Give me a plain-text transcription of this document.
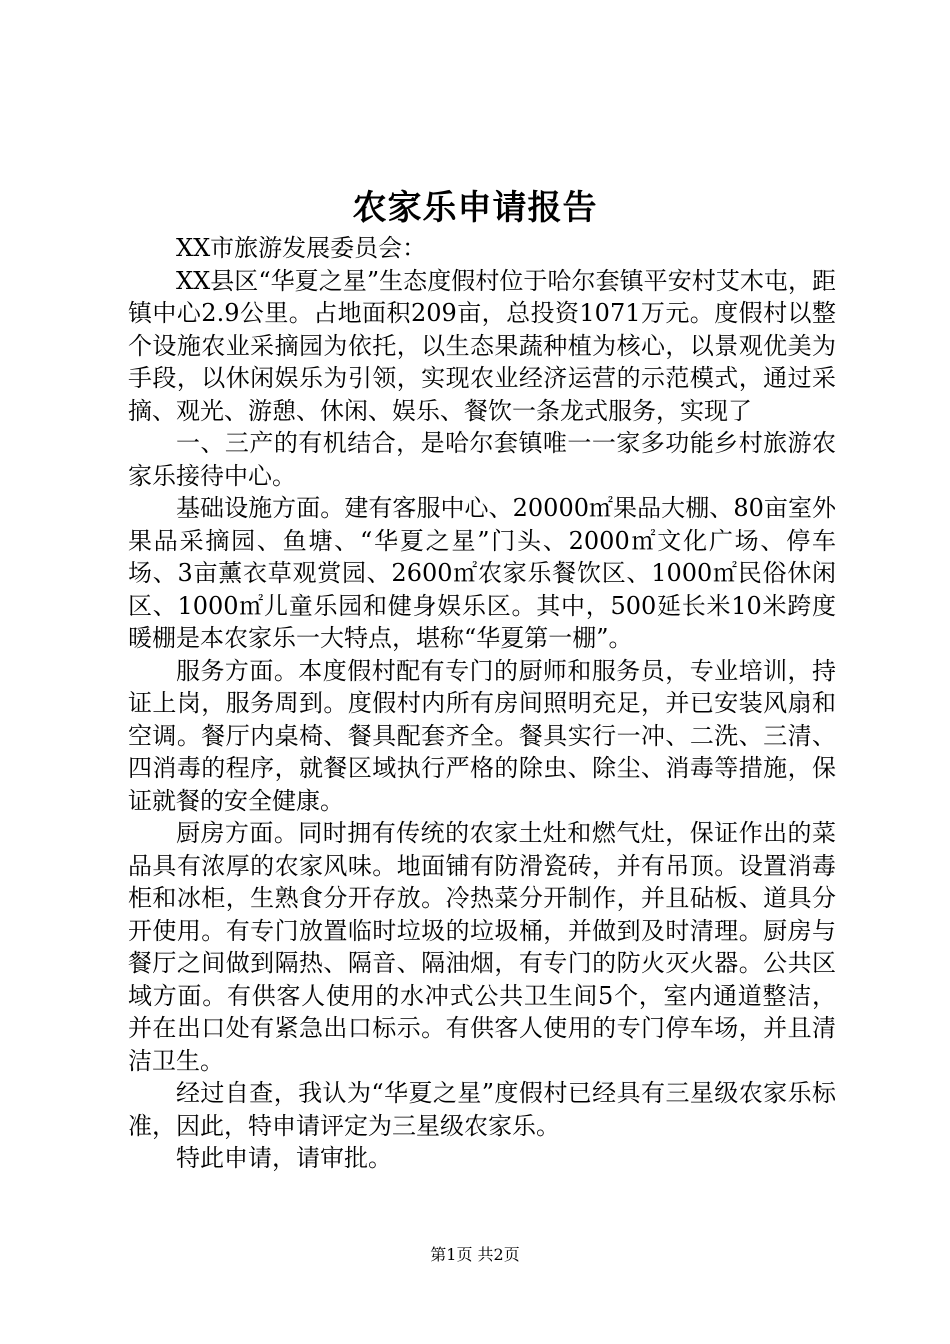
农家乐申请报告

XX市旅游发展委员会：

XX县区“华夏之星”生态度假村位于哈尔套镇平安村艾木屯，距镇中心2.9公里。占地面积209亩，总投资1071万元。度假村以整个设施农业采摘园为依托，以生态果蔬种植为核心，以景观优美为手段，以休闲娱乐为引领，实现农业经济运营的示范模式，通过采摘、观光、游憩、休闲、娱乐、餐饮一条龙式服务，实现了

一、三产的有机结合，是哈尔套镇唯一一家多功能乡村旅游农家乐接待中心。

基础设施方面。建有客服中心、20000㎡果品大棚、80亩室外果品采摘园、鱼塘、“华夏之星”门头、2000㎡文化广场、停车场、3亩薰衣草观赏园、2600㎡农家乐餐饮区、1000㎡民俗休闲区、1000㎡儿童乐园和健身娱乐区。其中，500延长米10米跨度暖棚是本农家乐一大特点，堪称“华夏第一棚”。

服务方面。本度假村配有专门的厨师和服务员，专业培训，持证上岗，服务周到。度假村内所有房间照明充足，并已安装风扇和空调。餐厅内桌椅、餐具配套齐全。餐具实行一冲、二洗、三清、四消毒的程序，就餐区域执行严格的除虫、除尘、消毒等措施，保证就餐的安全健康。

厨房方面。同时拥有传统的农家土灶和燃气灶，保证作出的菜品具有浓厚的农家风味。地面铺有防滑瓷砖，并有吊顶。设置消毒柜和冰柜，生熟食分开存放。冷热菜分开制作，并且砧板、道具分开使用。有专门放置临时垃圾的垃圾桶，并做到及时清理。厨房与餐厅之间做到隔热、隔音、隔油烟，有专门的防火灭火器。公共区域方面。有供客人使用的水冲式公共卫生间5个，室内通道整洁，并在出口处有紧急出口标示。有供客人使用的专门停车场，并且清洁卫生。

经过自查，我认为“华夏之星”度假村已经具有三星级农家乐标准，因此，特申请评定为三星级农家乐。

特此申请，请审批。

第1页 共2页
